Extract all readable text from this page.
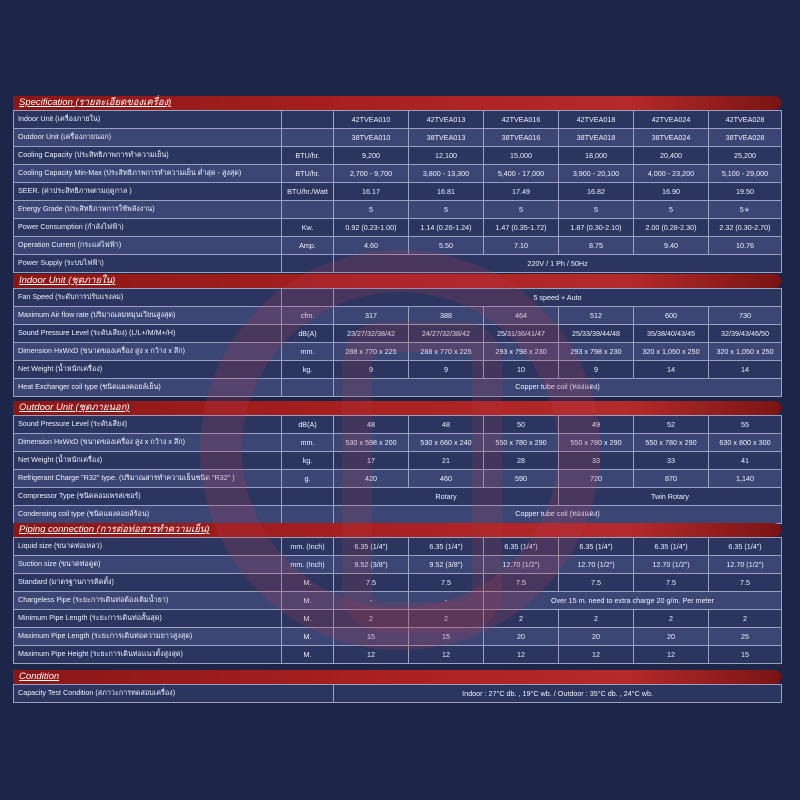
Specification (รายละเอียดของเครื่อง)
Indoor Unit (เครื่องภายใน)		42TVEA010	42TVEA013	42TVEA016	42TVEA018	42TVEA024	42TVEA028
Outdoor Unit (เครื่องภายนอก)		38TVEA010	38TVEA013	38TVEA016	38TVEA018	38TVEA024	38TVEA028
Cooling Capacity (ประสิทธิภาพการทำความเย็น)	BTU/hr.	9,200	12,100	15,000	18,000	20,400	25,200
Cooling Capacity Min-Max (ประสิทธิภาพการทำความเย็น ต่ำสุด - สูงสุด)	BTU/hr.	2,700 - 9,700	3,800 - 13,300	5,400 - 17,000	3,900 - 20,100	4,000 - 23,200	5,100 - 29,000
SEER. (ค่าประสิทธิภาพตามฤดูกาล )	BTU/hr./Watt	16.17	16.81	17.49	16.82	16.90	19.50
Energy Grade (ประสิทธิภาพการใช้พลังงาน)		5	5	5	5	5	5★
Power Consumption (กำลังไฟฟ้า)	Kw.	0.92 (0.23-1.00)	1.14 (0.26-1.24)	1.47 (0.35-1.72)	1.87 (0.30-2.10)	2.00 (0.28-2.30)	2.32 (0.30-2.70)
Operation Current (กระแสไฟฟ้า)	Amp.	4.60	5.50	7.10	8.75	9.40	10.76
Power Supply (ระบบไฟฟ้า)		220V / 1 Ph / 50Hz					
Indoor Unit (ชุดภายใน)
Fan Speed (ระดับการปรับแรงลม)		5 speed + Auto					
Maximum Air flow rate (ปริมาณลมหมุนเวียนสูงสุด)	cfm.	317	388	464	512	600	730
Sound Pressure Level (ระดับเสียง) (L/L+/M/M+/H)	dB(A)	23/27/32/38/42	24/27/32/38/42	25/31/36/41/47	25/33/39/44/48	35/38/40/43/45	32/39/43/46/50
Dimension HxWxD (ขนาดของเครื่อง สูง x กว้าง x ลึก)	mm.	288 x 770 x 225	288 x 770 x 225	293 x 798 x 230	293 x 798 x 230	320 x 1,050 x 250	320 x 1,050 x 250
Net Weight (น้ำหนักเครื่อง)	kg.	9	9	10	9	14	14
Heat Exchanger coil type (ชนิดแผงคอยล์เย็น)		Copper tube coil (ทองแดง)					
Outdoor Unit (ชุดภายนอก)
Sound Pressure Level (ระดับเสียง)	dB(A)	48	48	50	49	52	55
Dimension HxWxD (ขนาดของเครื่อง สูง x กว้าง x ลึก)	mm.	530 x 598 x 200	530 x 660 x 240	550 x 780 x 290	550 x 780 x 290	550 x 780 x 290	630 x 800 x 300
Net Weight (น้ำหนักเครื่อง)	kg.	17	21	28	33	33	41
Refrigerant Charge "R32" type. (ปริมาณสารทำความเย็นชนิด "R32" )	g.	420	460	590	720	870	1,140
Compressor Type (ชนิดคอมเพรสเซอร์)		Rotary			Twin Rotary		
Condensing coil type (ชนิดแผงคอยล์ร้อน)		Copper tube coil (ทองแดง)					
Piping connection (การต่อท่อสารทำความเย็น)
Liquid size (ขนาดท่อเหลว)	mm. (Inch)	6.35 (1/4")	6.35 (1/4")	6.35 (1/4")	6.35 (1/4")	6.35 (1/4")	6.35 (1/4")
Suction size (ขนาดท่อดูด)	mm. (Inch)	9.52 (3/8")	9.52 (3/8")	12.70 (1/2")	12.70 (1/2")	12.70 (1/2")	12.70 (1/2")
Standard (มาตรฐานการติดตั้ง)	M.	7.5	7.5	7.5	7.5	7.5	7.5
Chargeless Pipe (ระยะการเดินท่อต้องเติมน้ำยา)	M.	-	-	Over 15 m. need to extra charge 20 g/m. Per meter			
Minimum Pipe Length (ระยะการเดินท่อสั้นสุด)	M.	2	2	2	2	2	2
Maximum Pipe Length (ระยะการเดินท่อความยาวสูงสุด)	M.	15	15	20	20	20	25
Maximum Pipe Height (ระยะการเดินท่อแนวตั้งสูงสุด)	M.	12	12	12	12	12	15
Condition
Capacity Test Condition (สภาวะการทดสอบเครื่อง)	Indoor : 27°C db. , 19°C wb. / Outdoor : 35°C db. , 24°C wb.
